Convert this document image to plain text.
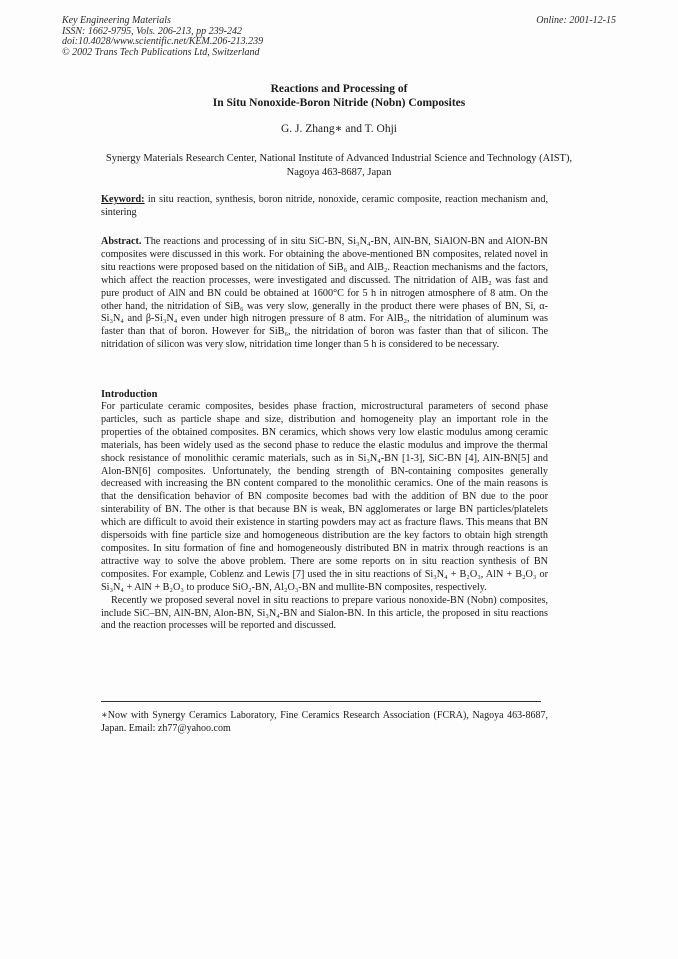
Key Engineering Materials
ISSN: 1662-9795, Vols. 206-213, pp 239-242
doi:10.4028/www.scientific.net/KEM.206-213.239
© 2002 Trans Tech Publications Ltd, Switzerland
Online: 2001-12-15
Reactions and Processing of
In Situ Nonoxide-Boron Nitride (Nobn) Composites
G. J. Zhang∗ and T. Ohji
Synergy Materials Research Center, National Institute of Advanced Industrial Science and Technology (AIST), Nagoya 463-8687, Japan
Keyword: in situ reaction, synthesis, boron nitride, nonoxide, ceramic composite, reaction mechanism and, sintering
Abstract. The reactions and processing of in situ SiC-BN, Si₃N₄-BN, AlN-BN, SiAlON-BN and AlON-BN composites were discussed in this work. For obtaining the above-mentioned BN composites, related novel in situ reactions were proposed based on the nitidation of SiB₆ and AlB₂. Reaction mechanisms and the factors, which affect the reaction processes, were investigated and discussed. The nitridation of AlB₂ was fast and pure product of AlN and BN could be obtained at 1600°C for 5 h in nitrogen atmosphere of 8 atm. On the other hand, the nitridation of SiB₆ was very slow, generally in the product there were phases of BN, Si, α-Si₃N₄ and β-Si₃N₄ even under high nitrogen pressure of 8 atm. For AlB₂, the nitridation of aluminum was faster than that of boron. However for SiB₆, the nitridation of boron was faster than that of silicon. The nitridation of silicon was very slow, nitridation time longer than 5 h is considered to be necessary.
Introduction

For particulate ceramic composites, besides phase fraction, microstructural parameters of second phase particles, such as particle shape and size, distribution and homogeneity play an important role in the properties of the obtained composites. BN ceramics, which shows very low elastic modulus among ceramic materials, has been widely used as the second phase to reduce the elastic modulus and improve the thermal shock resistance of monolithic ceramic materials, such as in Si₃N₄-BN [1-3], SiC-BN [4], AlN-BN[5] and Alon-BN[6] composites. Unfortunately, the bending strength of BN-containing composites generally decreased with increasing the BN content compared to the monolithic ceramics. One of the main reasons is that the densification behavior of BN composite becomes bad with the addition of BN due to the poor sinterability of BN. The other is that because BN is weak, BN agglomerates or large BN particles/platelets which are difficult to avoid their existence in starting powders may act as fracture flaws. This means that BN dispersoids with fine particle size and homogeneous distribution are the key factors to obtain high strength composites. In situ formation of fine and homogeneously distributed BN in matrix through reactions is an attractive way to solve the above problem. There are some reports on in situ reaction synthesis of BN composites. For example, Coblenz and Lewis [7] used the in situ reactions of Si₃N₄ + B₂O₃, AlN + B₂O₃ or Si₃N₄ + AlN + B₂O₃ to produce SiO₂-BN, Al₂O₃-BN and mullite-BN composites, respectively.

Recently we proposed several novel in situ reactions to prepare various nonoxide-BN (Nobn) composites, include SiC–BN, AlN-BN, Alon-BN, Si₃N₄-BN and Sialon-BN. In this article, the proposed in situ reactions and the reaction processes will be reported and discussed.

∗Now with Synergy Ceramics Laboratory, Fine Ceramics Research Association (FCRA), Nagoya 463-8687, Japan. Email: zh77@yahoo.com
